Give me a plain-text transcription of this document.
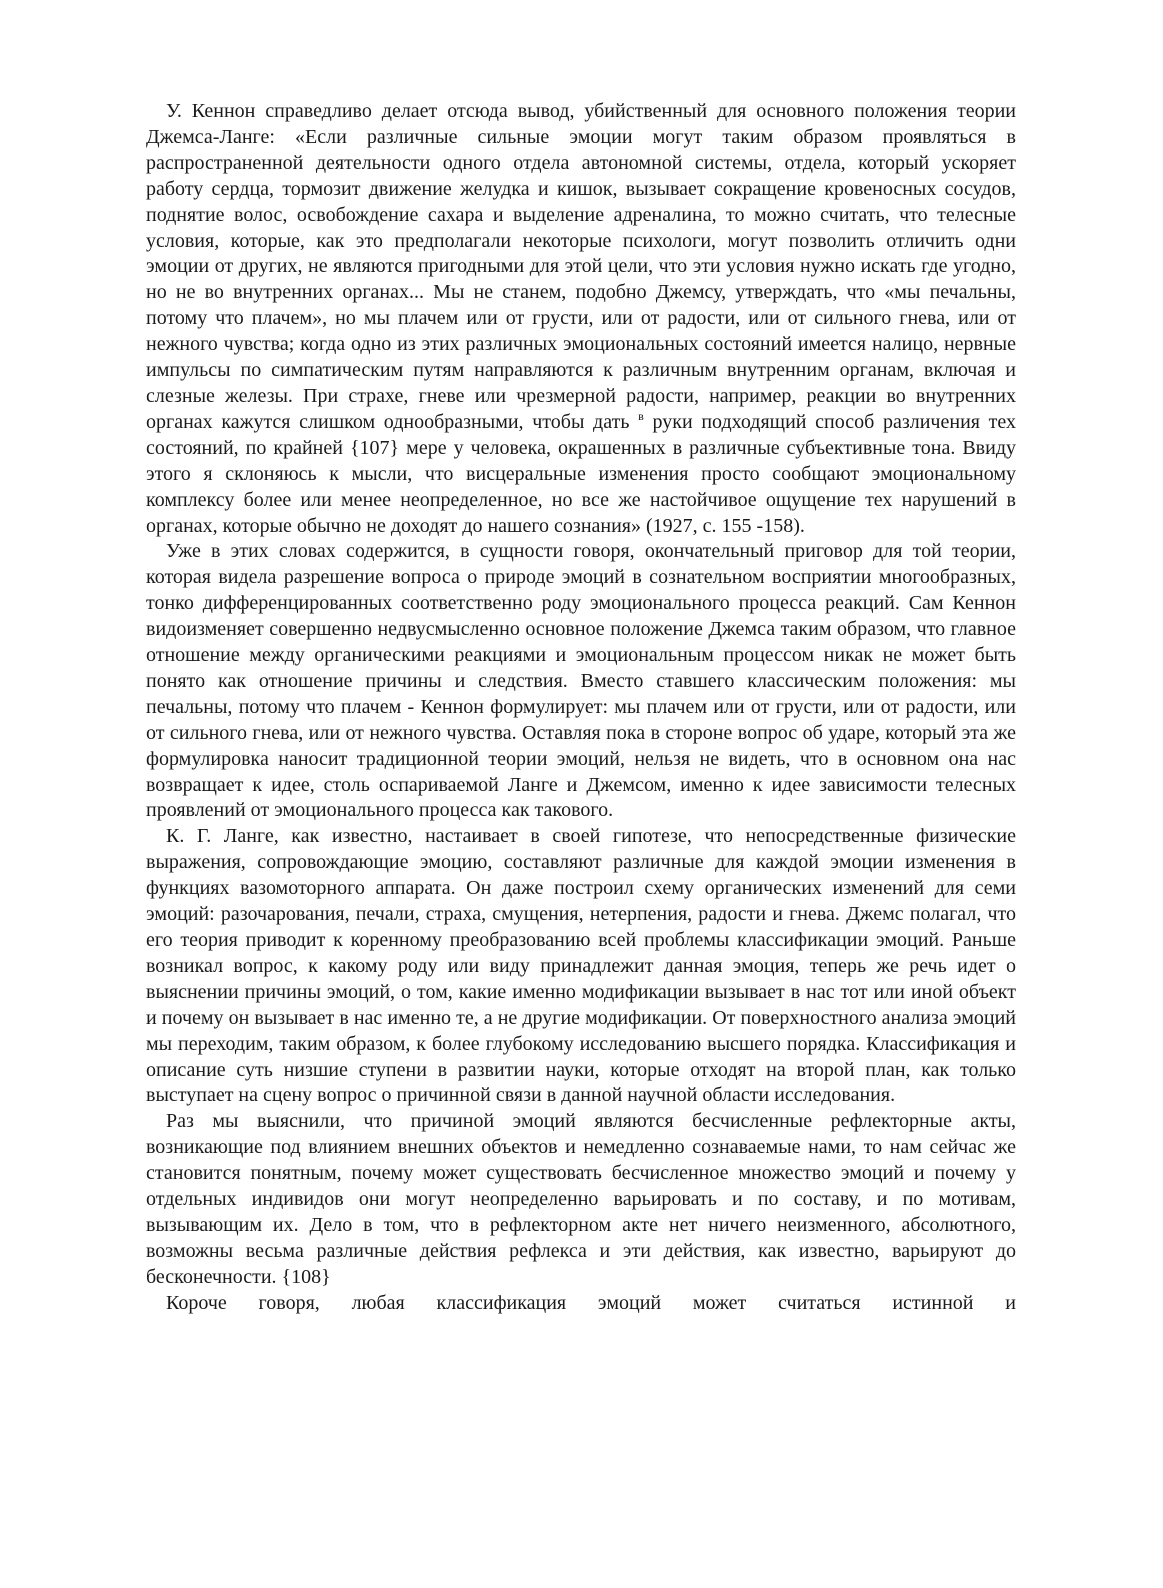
У. Кеннон справедливо делает отсюда вывод, убийственный для основного положения теории Джемса-Ланге: «Если различные сильные эмоции могут таким образом проявляться в распространенной деятельности одного отдела автономной системы, отдела, который ускоряет работу сердца, тормозит движение желудка и кишок, вызывает сокращение кровеносных сосудов, поднятие волос, освобождение сахара и выделение адреналина, то можно считать, что телесные условия, которые, как это предполагали некоторые психологи, могут позволить отличить одни эмоции от других, не являются пригодными для этой цели, что эти условия нужно искать где угодно, но не во внутренних органах... Мы не станем, подобно Джемсу, утверждать, что «мы печальны, потому что плачем», но мы плачем или от грусти, или от радости, или от сильного гнева, или от нежного чувства; когда одно из этих различных эмоциональных состояний имеется налицо, нервные импульсы по симпатическим путям направляются к различным внутренним органам, включая и слезные железы. При страхе, гневе или чрезмерной радости, например, реакции во внутренних органах кажутся слишком однообразными, чтобы дать $^в$ руки подходящий способ различения тех состояний, по крайней {107} мере у человека, окрашенных в различные субъективные тона. Ввиду этого я склоняюсь к мысли, что висцеральные изменения просто сообщают эмоциональному комплексу более или менее неопределенное, но все же настойчивое ощущение тех нарушений в органах, которые обычно не доходят до нашего сознания» (1927, с. 155 -158).

Уже в этих словах содержится, в сущности говоря, окончательный приговор для той теории, которая видела разрешение вопроса о природе эмоций в сознательном восприятии многообразных, тонко дифференцированных соответственно роду эмоционального процесса реакций. Сам Кеннон видоизменяет совершенно недвусмысленно основное положение Джемса таким образом, что главное отношение между органическими реакциями и эмоциональным процессом никак не может быть понято как отношение причины и следствия. Вместо ставшего классическим положения: мы печальны, потому что плачем - Кеннон формулирует: мы плачем или от грусти, или от радости, или от сильного гнева, или от нежного чувства. Оставляя пока в стороне вопрос об ударе, который эта же формулировка наносит традиционной теории эмоций, нельзя не видеть, что в основном она нас возвращает к идее, столь оспариваемой Ланге и Джемсом, именно к идее зависимости телесных проявлений от эмоционального процесса как такового.

К. Г. Ланге, как известно, настаивает в своей гипотезе, что непосредственные физические выражения, сопровождающие эмоцию, составляют различные для каждой эмоции изменения в функциях вазомоторного аппарата. Он даже построил схему органических изменений для семи эмоций: разочарования, печали, страха, смущения, нетерпения, радости и гнева. Джемс полагал, что его теория приводит к коренному преобразованию всей проблемы классификации эмоций. Раньше возникал вопрос, к какому роду или виду принадлежит данная эмоция, теперь же речь идет о выяснении причины эмоций, о том, какие именно модификации вызывает в нас тот или иной объект и почему он вызывает в нас именно те, а не другие модификации. От поверхностного анализа эмоций мы переходим, таким образом, к более глубокому исследованию высшего порядка. Классификация и описание суть низшие ступени в развитии науки, которые отходят на второй план, как только выступает на сцену вопрос о причинной связи в данной научной области исследования.

Раз мы выяснили, что причиной эмоций являются бесчисленные рефлекторные акты, возникающие под влиянием внешних объектов и немедленно сознаваемые нами, то нам сейчас же становится понятным, почему может существовать бесчисленное множество эмоций и почему у отдельных индивидов они могут неопределенно варьировать и по составу, и по мотивам, вызывающим их. Дело в том, что в рефлекторном акте нет ничего неизменного, абсолютного, возможны весьма различные действия рефлекса и эти действия, как известно, варьируют до бесконечности. {108}

Короче говоря, любая классификация эмоций может считаться истинной и
